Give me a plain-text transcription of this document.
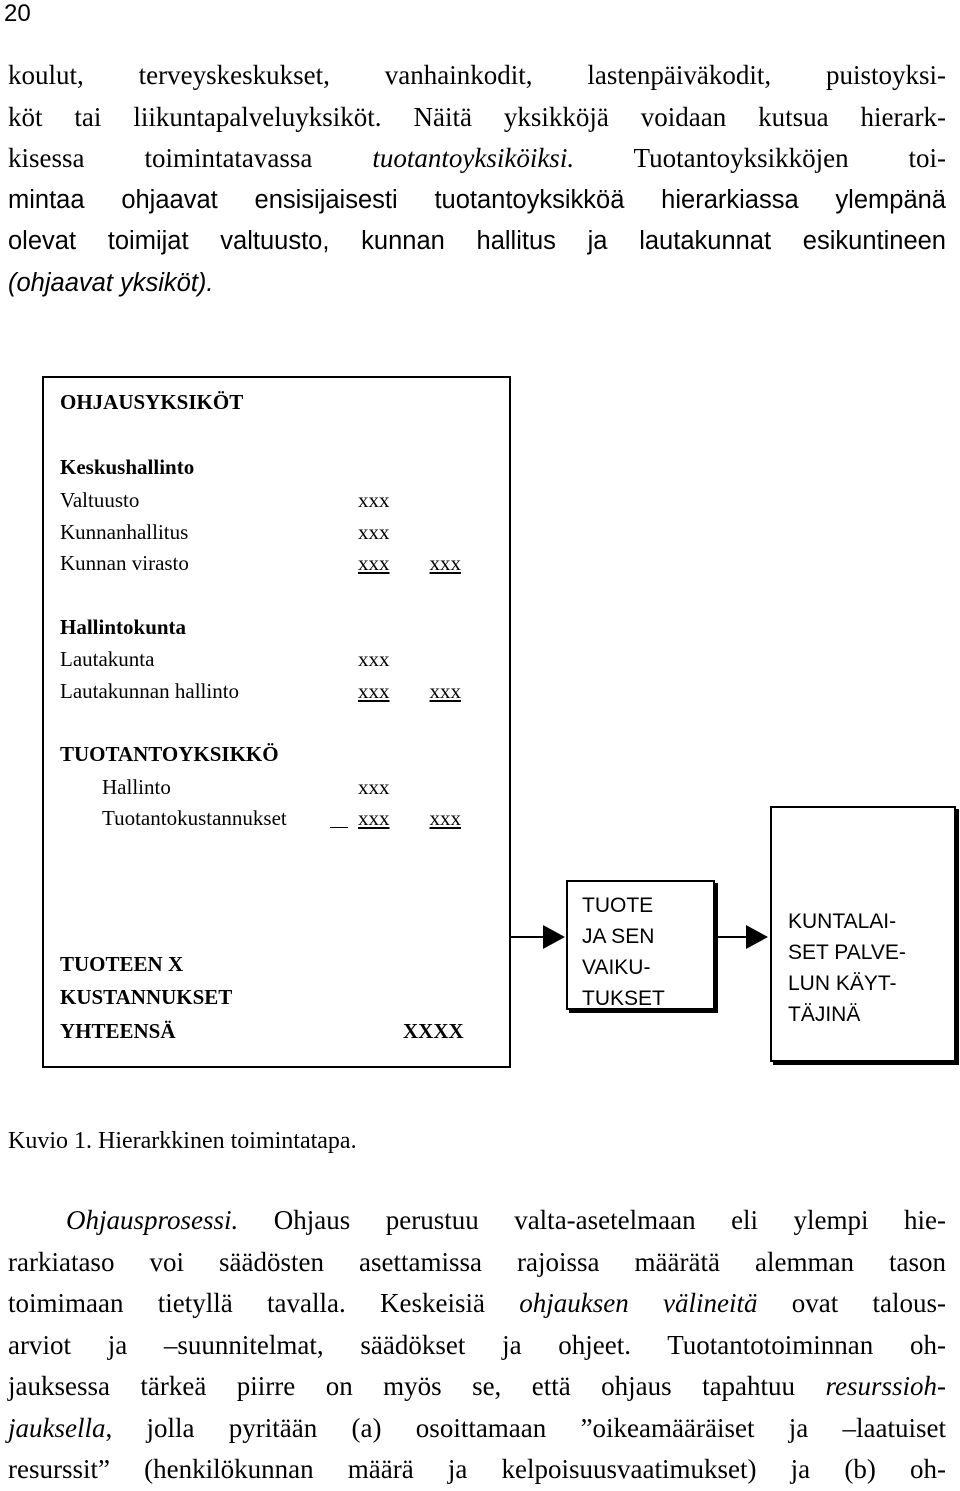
20
koulut, terveyskeskukset, vanhainkodit, lastenpäiväkodit, puistoyksi-
köt tai liikuntapalveluyksiköt. Näitä yksikköjä voidaan kutsua hierark-
kisessa toimintatavassa tuotantoyksiköiksi. Tuotantoyksikköjen toi-
mintaa ohjaavat ensisijaisesti tuotantoyksikköä hierarkiassa ylempänä
olevat toimijat valtuusto, kunnan hallitus ja lautakunnat esikuntineen
(ohjaavat yksiköt).
OHJAUSYKSIKÖT
Keskushallinto
Valtuusto	xxx
Kunnanhallitus	xxx
Kunnan virasto	xxx xxx
Hallintokunta
Lautakunta	xxx
Lautakunnan hallinto	xxx xxx
TUOTANTOYKSIKKÖ
Hallinto	xxx
Tuotantokustannukset	xxx xxx
TUOTEEN X
KUSTANNUKSET
YHTEENSÄ	XXXX
TUOTE
JA SEN
VAIKU-
TUKSET
KUNTALAI-
SET PALVE-
LUN KÄYT-
TÄJINÄ
Kuvio 1. Hierarkkinen toimintatapa.
Ohjausprosessi. Ohjaus perustuu valta-asetelmaan eli ylempi hie-
rarkiataso voi säädösten asettamissa rajoissa määrätä alemman tason
toimimaan tietyllä tavalla. Keskeisiä ohjauksen välineitä ovat talous-
arviot ja –suunnitelmat, säädökset ja ohjeet. Tuotantotoiminnan oh-
jauksessa tärkeä piirre on myös se, että ohjaus tapahtuu resurssioh-
jauksella, jolla pyritään (a) osoittamaan ”oikeamääräiset ja –laatuiset
resurssit” (henkilökunnan määrä ja kelpoisuusvaatimukset) ja (b) oh-
